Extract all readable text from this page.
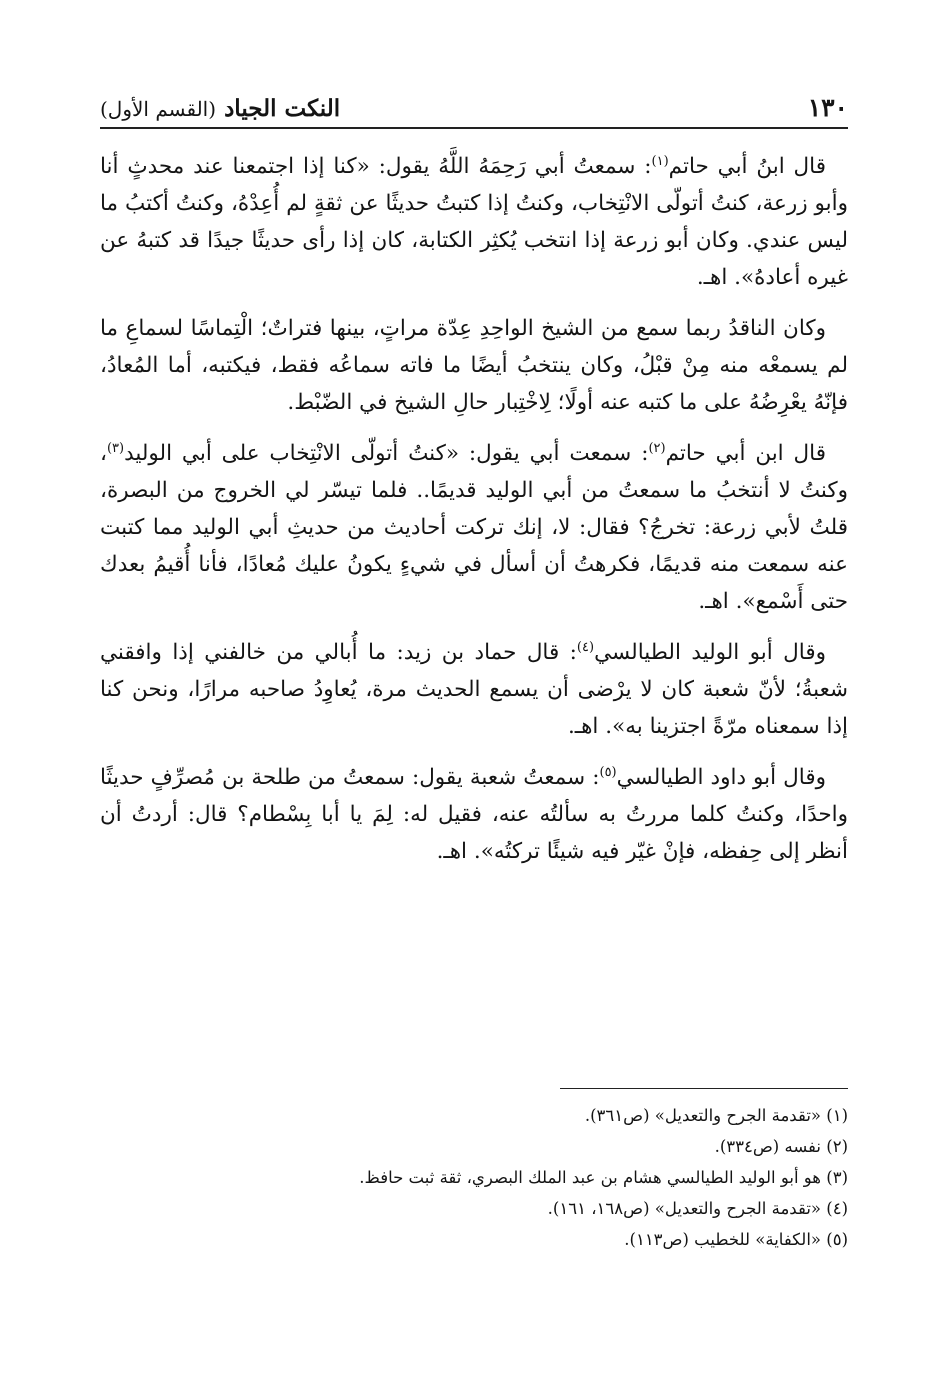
النكت الجياد (القسم الأول)	١٣٠

قال ابنُ أبي حاتم$^{(١)}$: سمعتُ أبي رَحِمَهُ اللَّهُ يقول: «كنا إذا اجتمعنا عند محدثٍ أنا وأبو زرعة، كنتُ أتولّى الانْتِخاب، وكنتُ إذا كتبتُ حديثًا عن ثقةٍ لم أُعِدْهُ، وكنتُ أكتبُ ما ليس عندي. وكان أبو زرعة إذا انتخب يُكثِر الكتابة، كان إذا رأى حديثًا جيدًا قد كتبهُ عن غيره أعادهُ». اهـ.

وكان الناقدُ ربما سمع من الشيخ الواحِدِ عِدّة مراتٍ، بينها فتراتٌ؛ الْتِماسًا لسماعِ ما لم يسمعْه منه مِنْ قبْلُ، وكان ينتخبُ أيضًا ما فاته سماعُه فقط، فيكتبه، أما المُعادُ، فإنّهُ يعْرِضُهُ على ما كتبه عنه أولًا؛ لِاخْتِبار حالِ الشيخ في الضّبْط.

قال ابن أبي حاتم$^{(٢)}$: سمعت أبي يقول: «كنتُ أتولّى الانْتِخاب على أبي الوليد$^{(٣)}$، وكنتُ لا أنتخبُ ما سمعتُ من أبي الوليد قديمًا.. فلما تيسّر لي الخروج من البصرة، قلتُ لأبي زرعة: تخرجُ؟ فقال: لا، إنك تركت أحاديث من حديثِ أبي الوليد مما كتبت عنه سمعت منه قديمًا، فكرهتُ أن أسأل في شيءٍ يكونُ عليك مُعادًا، فأنا أُقيمُ بعدك حتى أَسْمع». اهـ.

وقال أبو الوليد الطيالسي$^{(٤)}$: قال حماد بن زيد: ما أُبالي من خالفني إذا وافقني شعبةُ؛ لأنّ شعبة كان لا يرْضى أن يسمع الحديث مرة، يُعاوِدُ صاحبه مرارًا، ونحن كنا إذا سمعناه مرّةً اجتزينا به». اهـ.

وقال أبو داود الطيالسي$^{(٥)}$: سمعتُ شعبة يقول: سمعتُ من طلحة بن مُصرِّفٍ حديثًا واحدًا، وكنتُ كلما مررتُ به سألتُه عنه، فقيل له: لِمَ يا أبا بِسْطام؟ قال: أردتُ أن أنظر إلى حِفظه، فإنْ غيّر فيه شيئًا تركتُه». اهـ.

(١) «تقدمة الجرح والتعديل» (ص٣٦١).

(٢) نفسه (ص٣٣٤).

(٣) هو أبو الوليد الطيالسي هشام بن عبد الملك البصري، ثقة ثبت حافظ.

(٤) «تقدمة الجرح والتعديل» (ص١٦٨، ١٦١).

(٥) «الكفاية» للخطيب (ص١١٣).
